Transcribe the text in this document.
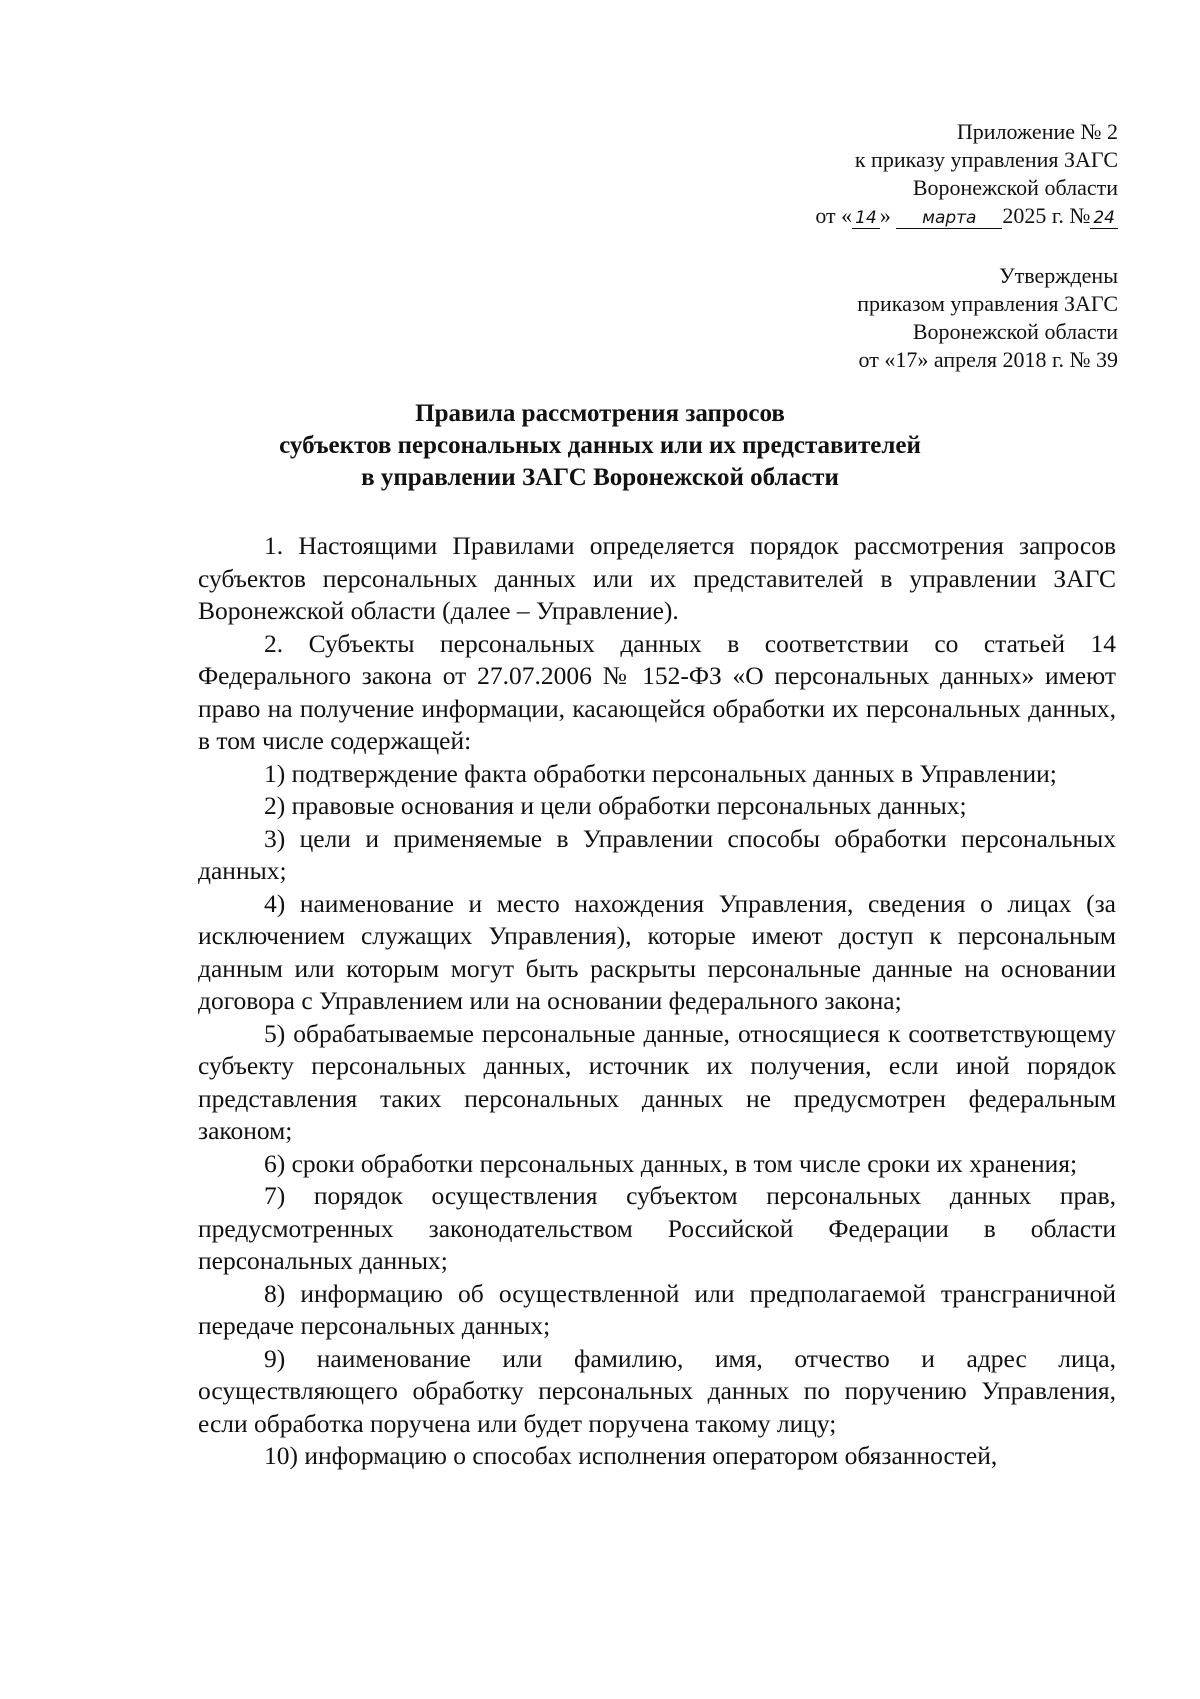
Приложение № 2
к приказу управления ЗАГС
Воронежской области
от « 14 » марта 2025 г. № 24
Утверждены
приказом управления ЗАГС
Воронежской области
от «17» апреля 2018 г. № 39
Правила рассмотрения запросов
субъектов персональных данных или их представителей
в управлении ЗАГС Воронежской области

1. Настоящими Правилами определяется порядок рассмотрения запросов субъектов персональных данных или их представителей в управлении ЗАГС Воронежской области (далее – Управление).

2. Субъекты персональных данных в соответствии со статьей 14 Федерального закона от 27.07.2006 № 152-ФЗ «О персональных данных» имеют право на получение информации, касающейся обработки их персональных данных, в том числе содержащей:

1) подтверждение факта обработки персональных данных в Управлении;

2) правовые основания и цели обработки персональных данных;

3) цели и применяемые в Управлении способы обработки персональных данных;

4) наименование и место нахождения Управления, сведения о лицах (за исключением служащих Управления), которые имеют доступ к персональным данным или которым могут быть раскрыты персональные данные на основании договора с Управлением или на основании федерального закона;

5) обрабатываемые персональные данные, относящиеся к соответствующему субъекту персональных данных, источник их получения, если иной порядок представления таких персональных данных не предусмотрен федеральным законом;

6) сроки обработки персональных данных, в том числе сроки их хранения;

7) порядок осуществления субъектом персональных данных прав, предусмотренных законодательством Российской Федерации в области персональных данных;

8) информацию об осуществленной или предполагаемой трансграничной передаче персональных данных;

9) наименование или фамилию, имя, отчество и адрес лица, осуществляющего обработку персональных данных по поручению Управления, если обработка поручена или будет поручена такому лицу;

10) информацию о способах исполнения оператором обязанностей,
